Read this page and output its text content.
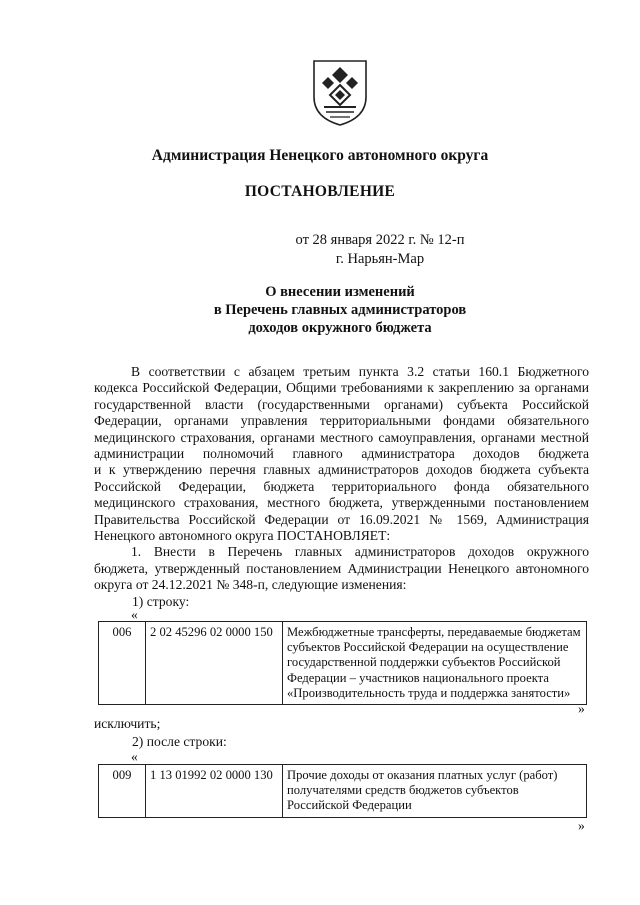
Администрация Ненецкого автономного округа
ПОСТАНОВЛЕНИЕ
от 28 января 2022 г. № 12-п
г. Нарьян-Мар
О внесении изменений
в Перечень главных администраторов
доходов окружного бюджета
В соответствии с абзацем третьим пункта 3.2 статьи 160.1 Бюджетного
кодекса Российской Федерации, Общими требованиями к закреплению за органами
государственной власти (государственными органами) субъекта Российской
Федерации, органами управления территориальными фондами обязательного
медицинского страхования, органами местного самоуправления, органами местной
администрации полномочий главного администратора доходов бюджета
и к утверждению перечня главных администраторов доходов бюджета субъекта
Российской Федерации, бюджета территориального фонда обязательного
медицинского страхования, местного бюджета, утвержденными постановлением
Правительства Российской Федерации от 16.09.2021 № 1569, Администрация
Ненецкого автономного округа ПОСТАНОВЛЯЕТ:
1. Внести в Перечень главных администраторов доходов окружного
бюджета, утвержденный постановлением Администрации Ненецкого автономного
округа от 24.12.2021 № 348-п, следующие изменения:
1) строку:
«
006	2 02 45296 02 0000 150	Межбюджетные трансферты, передаваемые бюджетам субъектов Российской Федерации на осуществление государственной поддержки субъектов Российской Федерации – участников национального проекта «Производительность труда и поддержка занятости»
»
исключить;
2) после строки:
«
009	1 13 01992 02 0000 130	Прочие доходы от оказания платных услуг (работ) получателями средств бюджетов субъектов Российской Федерации
»
